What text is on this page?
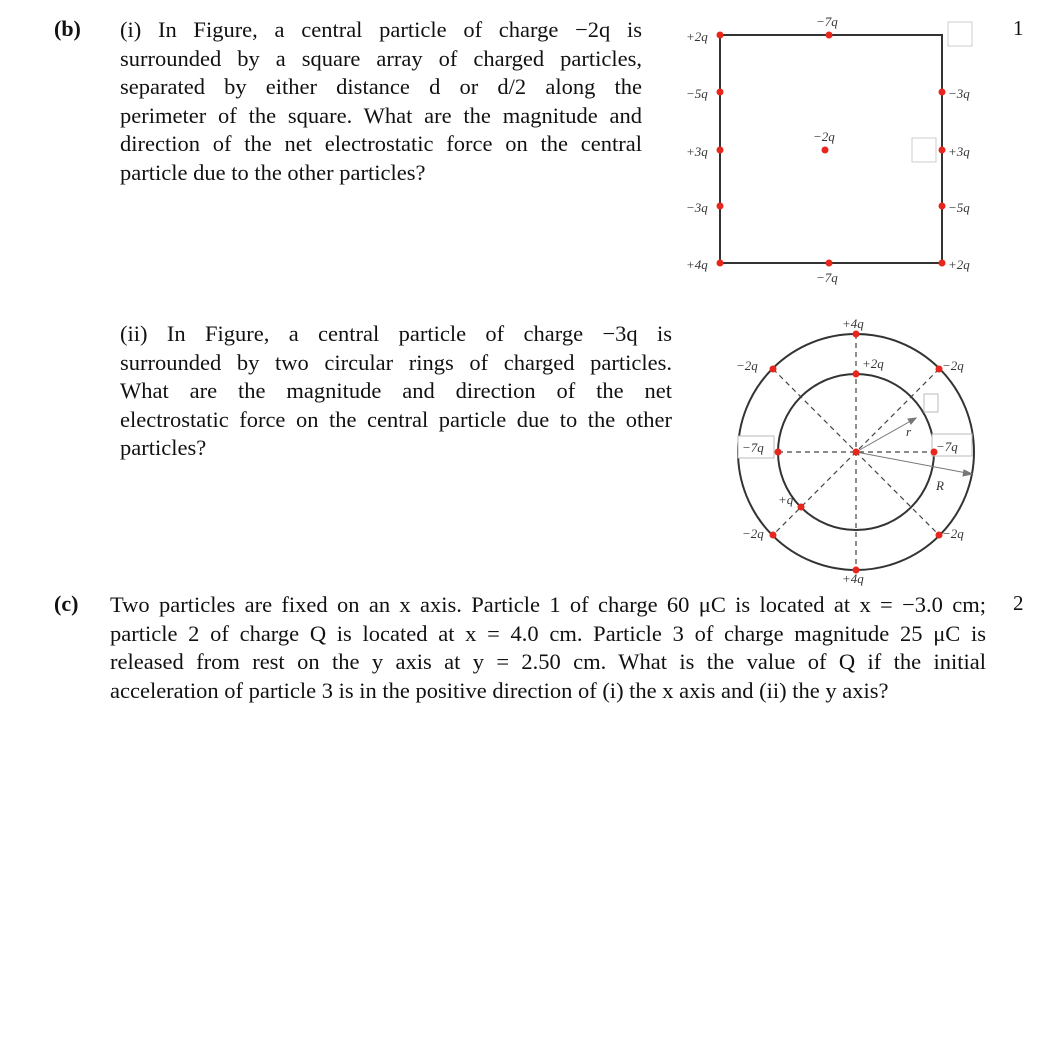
(b) (i) In Figure, a central particle of charge −2q is
surrounded by a square array of charged particles,
separated by either distance d or d/2 along the
perimeter of the square. What are the magnitude and
direction of the net electrostatic force on the central
particle due to the other particles?
1
+2q
−7q
−5q
+3q
−3q
+4q
−7q
−3q
+3q
−5q
+2q
−2q
(ii) In Figure, a central particle of charge −3q is
surrounded by two circular rings of charged particles.
What are the magnitude and direction of the net
electrostatic force on the central particle due to the other
particles?
+4q
+2q
−2q	−2q
−7q	−7q
+q
−2q	−2q
+4q
r
R
(c) Two particles are fixed on an x axis. Particle 1 of charge 60 μC is located at x = −3.0 cm;
particle 2 of charge Q is located at x = 4.0 cm. Particle 3 of charge magnitude 25 μC is
released from rest on the y axis at y = 2.50 cm. What is the value of Q if the initial
acceleration of particle 3 is in the positive direction of (i) the x axis and (ii) the y axis?
2
